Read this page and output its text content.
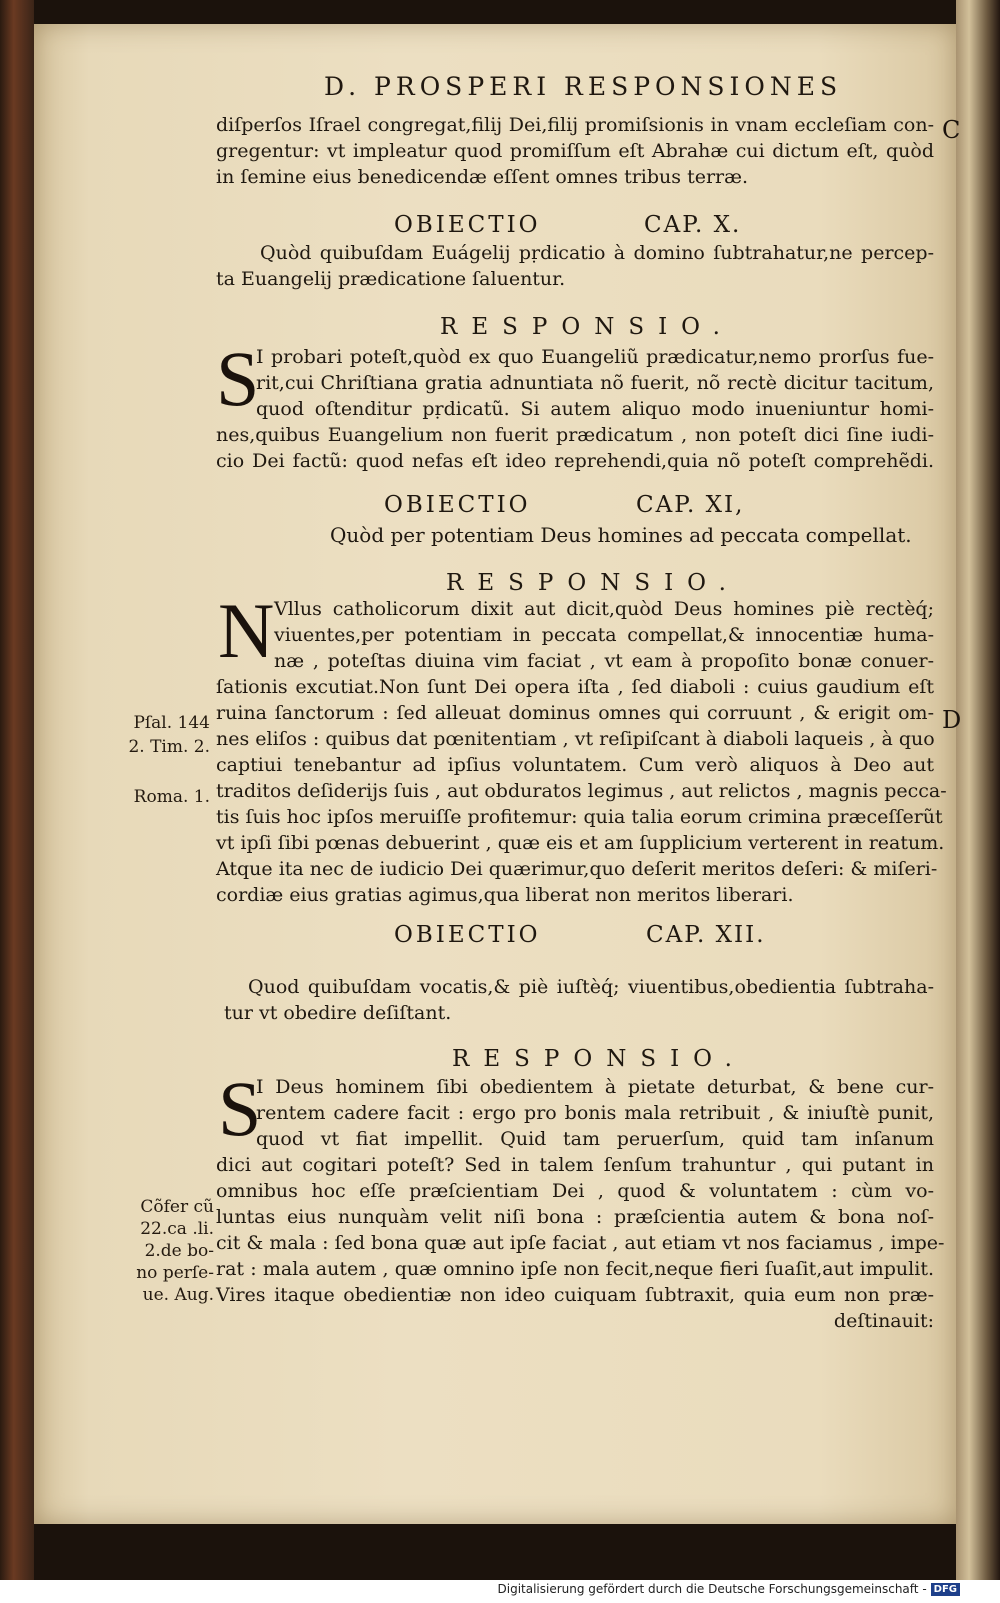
D. PROSPERI RESPONSIONES
C
diſperſos Iſrael congregat,filij Dei,filij promiſsionis in vnam eccleſiam con-
gregentur: vt impleatur quod promiſſum eſt Abrahæ cui dictum eſt, quòd
in ſemine eius benedicendæ eſſent omnes tribus terræ.
OBIECTIO	CAP. X.
Quòd quibuſdam Euágelij pṛdicatio à domino ſubtrahatur,ne percep-
ta Euangelij prædicatione ſaluentur.
RESPONSIO.
S
I probari poteſt,quòd ex quo Euangeliũ prædicatur,nemo prorſus fue-
rit,cui Chriſtiana gratia adnuntiata nõ fuerit, nõ rectè dicitur tacitum,
quod oſtenditur pṛdicatũ. Si autem aliquo modo inueniuntur homi-
nes,quibus Euangelium non fuerit prædicatum , non poteſt dici ſine iudi-
cio Dei factũ: quod nefas eſt ideo reprehendi,quia nõ poteſt comprehẽdi.
OBIECTIO	CAP. XI,
Quòd per potentiam Deus homines ad peccata compellat.
RESPONSIO.
N Vllus catholicorum dixit aut dicit,quòd Deus homines piè rectèq́;
viuentes,per potentiam in peccata compellat,& innocentiæ huma-
næ , poteſtas diuina vim faciat , vt eam à propoſito bonæ conuer-
ſationis excutiat.Non ſunt Dei opera iſta , ſed diaboli : cuius gaudium eſt
ruina ſanctorum : ſed alleuat dominus omnes qui corruunt , & erigit om-
nes eliſos : quibus dat pœnitentiam , vt reſipiſcant à diaboli laqueis , à quo
captiui tenebantur ad ipſius voluntatem. Cum verò aliquos à Deo aut
traditos deſiderijs ſuis , aut obduratos legimus , aut relictos , magnis pecca-
tis ſuis hoc ipſos meruiſſe profitemur: quia talia eorum crimina præceſſerũt
vt ipſi ſibi pœnas debuerint , quæ eis et am ſupplicium verterent in reatum.
Atque ita nec de iudicio Dei quærimur,quo deſerit meritos deſeri: & miſeri-
cordiæ eius gratias agimus,qua liberat non meritos liberari.
Pſal. 144
2. Tim. 2.
Roma. 1.
D
OBIECTIO	CAP. XII.
Quod quibuſdam vocatis,& piè iuſtèq́; viuentibus,obedientia ſubtraha-
tur vt obedire deſiſtant.
RESPONSIO.
S
I Deus hominem ſibi obedientem à pietate deturbat, & bene cur-
rentem cadere facit : ergo pro bonis mala retribuit , & iniuſtè punit,
quod vt fiat impellit. Quid tam peruerſum, quid tam inſanum
dici aut cogitari poteſt? Sed in talem ſenſum trahuntur , qui putant in
omnibus hoc eſſe præſcientiam Dei , quod & voluntatem : cùm vo-
luntas eius nunquàm velit niſi bona : præſcientia autem & bona noſ-
cit & mala : ſed bona quæ aut ipſe faciat , aut etiam vt nos faciamus , impe-
rat : mala autem , quæ omnino ipſe non fecit,neque fieri ſuaſit,aut impulit.
Vires itaque obedientiæ non ideo cuiquam ſubtraxit, quia eum non præ-
deſtinauit:
Cõfer cũ
22.ca .li.
2.de bo-
no perſe-
ue. Aug.
Digitalisierung gefördert durch die Deutsche Forschungsgemeinschaft - DFG
